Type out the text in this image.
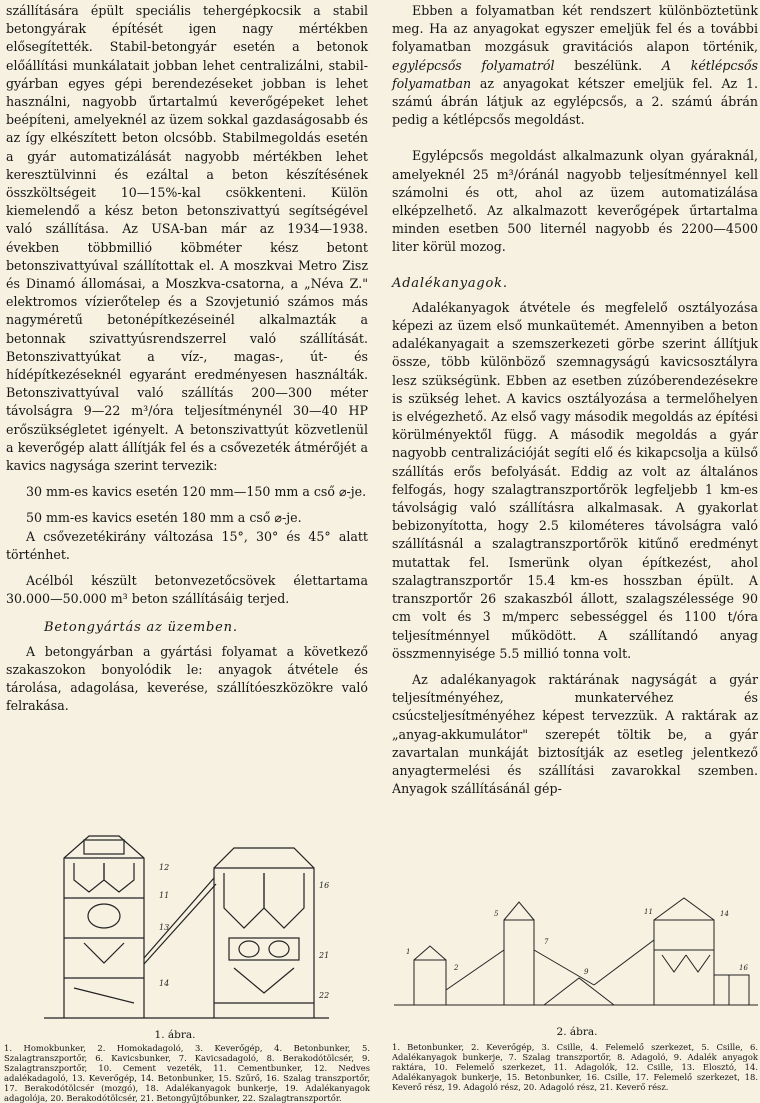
szállítására épült speciális tehergépkocsik a stabil betongyárak építését igen nagy mértékben elősegítették. Stabil-betongyár esetén a betonok előállítási munkálatait jobban lehet centralizálni, stabil-gyárban egyes gépi berendezéseket jobban is lehet használni, nagyobb űrtartalmú keverőgépeket lehet beépíteni, amelyeknél az üzem sokkal gazdaságosabb és az így elkészített beton olcsóbb. Stabilmegoldás esetén a gyár automatizálását nagyobb mértékben lehet keresztülvinni és ezáltal a beton készítésének összköltségeit 10—15%-kal csökkenteni. Külön kiemelendő a kész beton betonszivattyú segítségével való szállítása. Az USA-ban már az 1934—1938. években többmillió köbméter kész betont betonszivattyúval szállítottak el. A moszkvai Metro Zisz és Dinamó állomásai, a Moszkva-csatorna, a „Néva Z." elektromos vízierőtelep és a Szovjetunió számos más nagyméretű betonépítkezéseinél alkalmazták a betonnak szivattyúsrendszerrel való szállítását. Betonszivattyúkat a víz-, magas-, út- és hídépítkezéseknél egyaránt eredményesen használták. Betonszivattyúval való szállítás 200—300 méter távolságra 9—22 m³/óra teljesítménynél 30—40 HP erőszükségletet igényelt. A betonszivattyút közvetlenül a keverőgép alatt állítják fel és a csővezeték átmérőjét a kavics nagysága szerint tervezik:

30 mm-es kavics esetén 120 mm—150 mm a cső ⌀-je.

50 mm-es kavics esetén 180 mm a cső ⌀-je.

A csővezetékirány változása 15°, 30° és 45° alatt történhet.

Acélból készült betonvezetőcsövek élettartama 30.000—50.000 m³ beton szállításáig terjed.

Betongyártás az üzemben.

A betongyárban a gyártási folyamat a következő szakaszokon bonyolódik le: anyagok átvétele és tárolása, adagolása, keverése, szállítóeszközökre való felrakása.

Ebben a folyamatban két rendszert különböztetünk meg. Ha az anyagokat egyszer emeljük fel és a további folyamatban mozgásuk gravitációs alapon történik, egylépcsős folyamatról beszélünk. A kétlépcsős folyamatban az anyagokat kétszer emeljük fel. Az 1. számú ábrán látjuk az egylépcsős, a 2. számú ábrán pedig a kétlépcsős megoldást.

Egylépcsős megoldást alkalmazunk olyan gyáraknál, amelyeknél 25 m³/óránál nagyobb teljesítménnyel kell számolni és ott, ahol az üzem automatizálása elképzelhető. Az alkalmazott keverőgépek űrtartalma minden esetben 500 liternél nagyobb és 2200—4500 liter körül mozog.

Adalékanyagok.

Adalékanyagok átvétele és megfelelő osztályozása képezi az üzem első munkaütemét. Amennyiben a beton adalékanyagait a szemszerkezeti görbe szerint állítjuk össze, több különböző szemnagyságú kavicsosztályra lesz szükségünk. Ebben az esetben zúzóberendezésekre is szükség lehet. A kavics osztályozása a termelőhelyen is elvégezhető. Az első vagy második megoldás az építési körülményektől függ. A második megoldás a gyár nagyobb centralizációját segíti elő és kikapcsolja a külső szállítás erős befolyását. Eddig az volt az általános felfogás, hogy szalagtranszportőrök legfeljebb 1 km-es távolságig való szállításra alkalmasak. A gyakorlat bebizonyította, hogy 2.5 kilométeres távolságra való szállításnál a szalagtranszportőrök kitűnő eredményt mutattak fel. Ismerünk olyan építkezést, ahol szalagtranszportőr 15.4 km-es hosszban épült. A transzportőr 26 szakaszból állott, szalagszélessége 90 cm volt és 3 m/mperc sebességgel és 1100 t/óra teljesítménnyel működött. A szállítandó anyag összmennyisége 5.5 millió tonna volt.

Az adalékanyagok raktárának nagyságát a gyár teljesítményéhez, munkatervéhez és csúcsteljesítményéhez képest tervezzük. A raktárak az „anyag-akkumulátor" szerepét töltik be, a gyár zavartalan munkáját biztosítják az esetleg jelentkező anyagtermelési és szállítási zavarokkal szemben. Anyagok szállításánál gép-

12
11
13
14
16
21
22
1. ábra.
1. Homokbunker, 2. Homokadagoló, 3. Keverőgép, 4. Betonbunker, 5. Szalagtranszportőr, 6. Kavicsbunker, 7. Kavicsadagoló, 8. Berakodótölcsér, 9. Szalagtranszportőr, 10. Cement vezeték, 11. Cementbunker, 12. Nedves adalékadagoló, 13. Keverőgép, 14. Betonbunker, 15. Szűrő, 16. Szalag transzportőr, 17. Berakodótölcsér (mozgó), 18. Adalékanyagok bunkerje, 19. Adalékanyagok adagolója, 20. Berakodótölcsér, 21. Betongyűjtőbunker, 22. Szalagtranszportőr.
1
2
5
7
9
11	14
16
2. ábra.
1. Betonbunker, 2. Keverőgép, 3. Csille, 4. Felemelő szerkezet, 5. Csille, 6. Adalékanyagok bunkerje, 7. Szalag transzportőr, 8. Adagoló, 9. Adalék anyagok raktára, 10. Felemelő szerkezet, 11. Adagolók, 12. Csille, 13. Elosztó, 14. Adalékanyagok bunkerje, 15. Betonbunker, 16. Csille, 17. Felemelő szerkezet, 18. Keverő rész, 19. Adagoló rész, 20. Adagoló rész, 21. Keverő rész.
